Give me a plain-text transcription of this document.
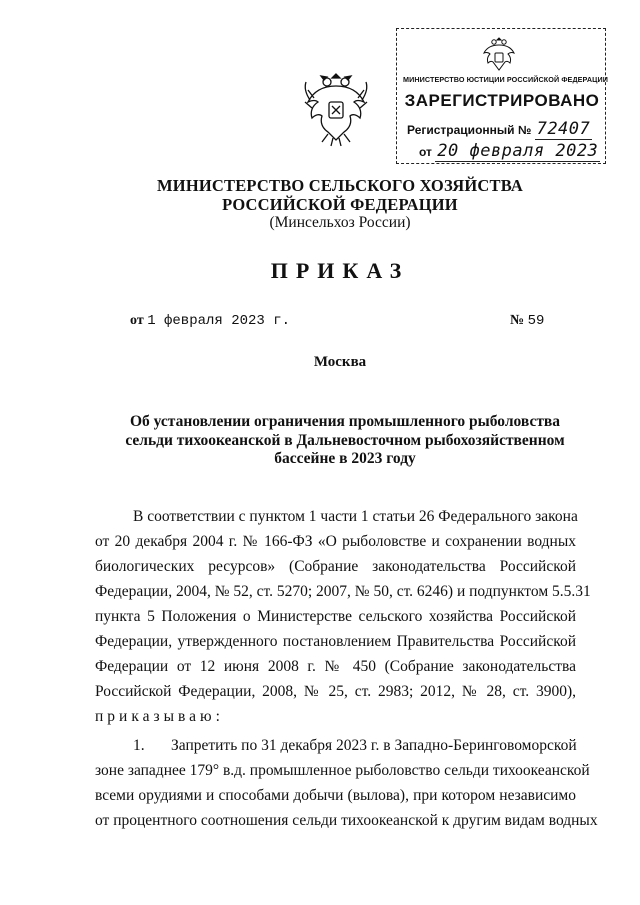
МИНИСТЕРСТВО ЮСТИЦИИ РОССИЙСКОЙ ФЕДЕРАЦИИ
ЗАРЕГИСТРИРОВАНО
Регистрационный № 72407
от 20 февраля 2023
МИНИСТЕРСТВО СЕЛЬСКОГО ХОЗЯЙСТВА
РОССИЙСКОЙ ФЕДЕРАЦИИ
(Минсельхоз России)
ПРИКАЗ
от 1 февраля 2023 г.	№ 59
Москва
Об установлении ограничения промышленного рыболовства
сельди тихоокеанской в Дальневосточном рыбохозяйственном
бассейне в 2023 году
В соответствии с пунктом 1 части 1 статьи 26 Федерального закона
от 20 декабря 2004 г. № 166-ФЗ «О рыболовстве и сохранении водных
биологических ресурсов» (Собрание законодательства Российской
Федерации, 2004, № 52, ст. 5270; 2007, № 50, ст. 6246) и подпунктом 5.5.31
пункта 5 Положения о Министерстве сельского хозяйства Российской
Федерации, утвержденного постановлением Правительства Российской
Федерации от 12 июня 2008 г. № 450 (Собрание законодательства
Российской Федерации, 2008, № 25, ст. 2983; 2012, № 28, ст. 3900),
приказываю:
1. Запретить по 31 декабря 2023 г. в Западно-Беринговоморской
зоне западнее 179° в.д. промышленное рыболовство сельди тихоокеанской
всеми орудиями и способами добычи (вылова), при котором независимо
от процентного соотношения сельди тихоокеанской к другим видам водных
